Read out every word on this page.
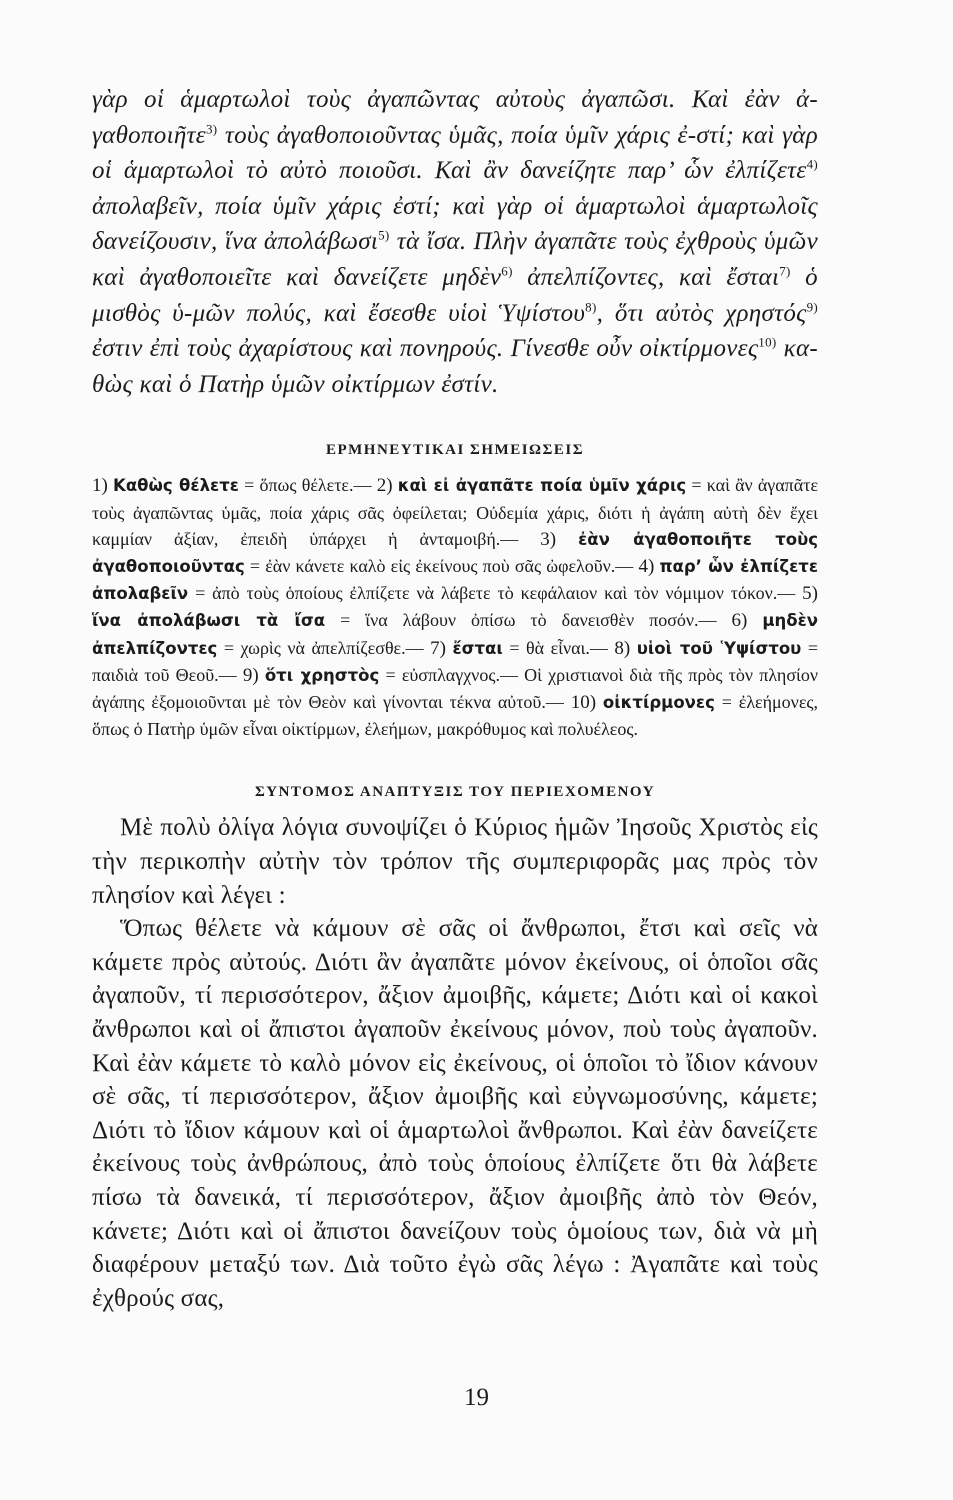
γὰρ οἱ ἁμαρτωλοὶ τοὺς ἀγαπῶντας αὐτοὺς ἀγαπῶσι. Καὶ ἐὰν ἀ-γαθοποιῆτε$^{3)}$ τοὺς ἀγαθοποιοῦντας ὑμᾶς, ποία ὑμῖν χάρις ἐ-στί; καὶ γὰρ οἱ ἁμαρτωλοὶ τὸ αὐτὸ ποιοῦσι. Καὶ ἂν δανείζητε παρ’ ὧν ἐλπίζετε$^{4)}$ ἀπολαβεῖν, ποία ὑμῖν χάρις ἐστί; καὶ γὰρ οἱ ἁμαρτωλοὶ ἁμαρτωλοῖς δανείζουσιν, ἵνα ἀπολάβωσι$^{5)}$ τὰ ἴσα. Πλὴν ἀγαπᾶτε τοὺς ἐχθροὺς ὑμῶν καὶ ἀγαθοποιεῖτε καὶ δανείζετε μηδὲν$^{6)}$ ἀπελπίζοντες, καὶ ἔσται$^{7)}$ ὁ μισθὸς ὑ-μῶν πολύς, καὶ ἔσεσθε υἱοὶ Ὑψίστου$^{8)}$, ὅτι αὐτὸς χρηστός$^{9)}$ ἐστιν ἐπὶ τοὺς ἀχαρίστους καὶ πονηρούς. Γίνεσθε οὖν οἰκτίρμονες$^{10)}$ κα-θὼς καὶ ὁ Πατὴρ ὑμῶν οἰκτίρμων ἐστίν.

ΕΡΜΗΝΕΥΤΙΚΑΙ ΣΗΜΕΙΩΣΕΙΣ

1) Καθὼς θέλετε = ὅπως θέλετε.— 2) καὶ εἰ ἀγαπᾶτε ποία ὑμῖν χάρις = καὶ ἂν ἀγαπᾶτε τοὺς ἀγαπῶντας ὑμᾶς, ποία χάρις σᾶς ὀφείλεται; Οὐδεμία χάρις, διότι ἡ ἀγάπη αὐτὴ δὲν ἔχει καμμίαν ἀξίαν, ἐπειδὴ ὑπάρχει ἡ ἀνταμοιβή.— 3) ἐὰν ἀγαθοποιῆτε τοὺς ἀγαθοποιοῦντας = ἐὰν κάνετε καλὸ εἰς ἐκείνους ποὺ σᾶς ὠφελοῦν.— 4) παρ’ ὧν ἐλπίζετε ἀπολαβεῖν = ἀπὸ τοὺς ὁποίους ἐλπίζετε νὰ λάβετε τὸ κεφάλαιον καὶ τὸν νόμιμον τόκον.— 5) ἵνα ἀπολάβωσι τὰ ἴσα = ἵνα λάβουν ὀπίσω τὸ δανεισθὲν ποσόν.— 6) μηδὲν ἀπελπίζοντες = χωρὶς νὰ ἀπελπίζεσθε.— 7) ἔσται = θὰ εἶναι.— 8) υἱοὶ τοῦ Ὑψίστου = παιδιὰ τοῦ Θεοῦ.— 9) ὅτι χρηστὸς = εὐσπλαγχνος.— Οἱ χριστιανοὶ διὰ τῆς πρὸς τὸν πλησίον ἀγάπης ἐξομοιοῦνται μὲ τὸν Θεὸν καὶ γίνονται τέκνα αὐτοῦ.— 10) οἰκτίρμονες = ἐλεήμονες, ὅπως ὁ Πατὴρ ὑμῶν εἶναι οἰκτίρμων, ἐλεήμων, μακρόθυμος καὶ πολυέλεος.

ΣΥΝΤΟΜΟΣ ΑΝΑΠΤΥΞΙΣ ΤΟΥ ΠΕΡΙΕΧΟΜΕΝΟΥ

Μὲ πολὺ ὀλίγα λόγια συνοψίζει ὁ Κύριος ἡμῶν Ἰησοῦς Χριστὸς εἰς τὴν περικοπὴν αὐτὴν τὸν τρόπον τῆς συμπεριφορᾶς μας πρὸς τὸν πλησίον καὶ λέγει :

Ὅπως θέλετε νὰ κάμουν σὲ σᾶς οἱ ἄνθρωποι, ἔτσι καὶ σεῖς νὰ κάμετε πρὸς αὐτούς. Διότι ἂν ἀγαπᾶτε μόνον ἐκείνους, οἱ ὁποῖοι σᾶς ἀγαποῦν, τί περισσότερον, ἄξιον ἀμοιβῆς, κάμετε; Διότι καὶ οἱ κακοὶ ἄνθρωποι καὶ οἱ ἄπιστοι ἀγαποῦν ἐκείνους μόνον, ποὺ τοὺς ἀγαποῦν. Καὶ ἐὰν κάμετε τὸ καλὸ μόνον εἰς ἐκείνους, οἱ ὁποῖοι τὸ ἴδιον κάνουν σὲ σᾶς, τί περισσότερον, ἄξιον ἀμοιβῆς καὶ εὐγνωμοσύνης, κάμετε; Διότι τὸ ἴδιον κάμουν καὶ οἱ ἁμαρτωλοὶ ἄνθρωποι. Καὶ ἐὰν δανείζετε ἐκείνους τοὺς ἀνθρώπους, ἀπὸ τοὺς ὁποίους ἐλπίζετε ὅτι θὰ λάβετε πίσω τὰ δανεικά, τί περισσότερον, ἄξιον ἀμοιβῆς ἀπὸ τὸν Θεόν, κάνετε; Διότι καὶ οἱ ἄπιστοι δανείζουν τοὺς ὁμοίους των, διὰ νὰ μὴ διαφέρουν μεταξύ των. Διὰ τοῦτο ἐγὼ σᾶς λέγω : Ἀγαπᾶτε καὶ τοὺς ἐχθρούς σας,

19
